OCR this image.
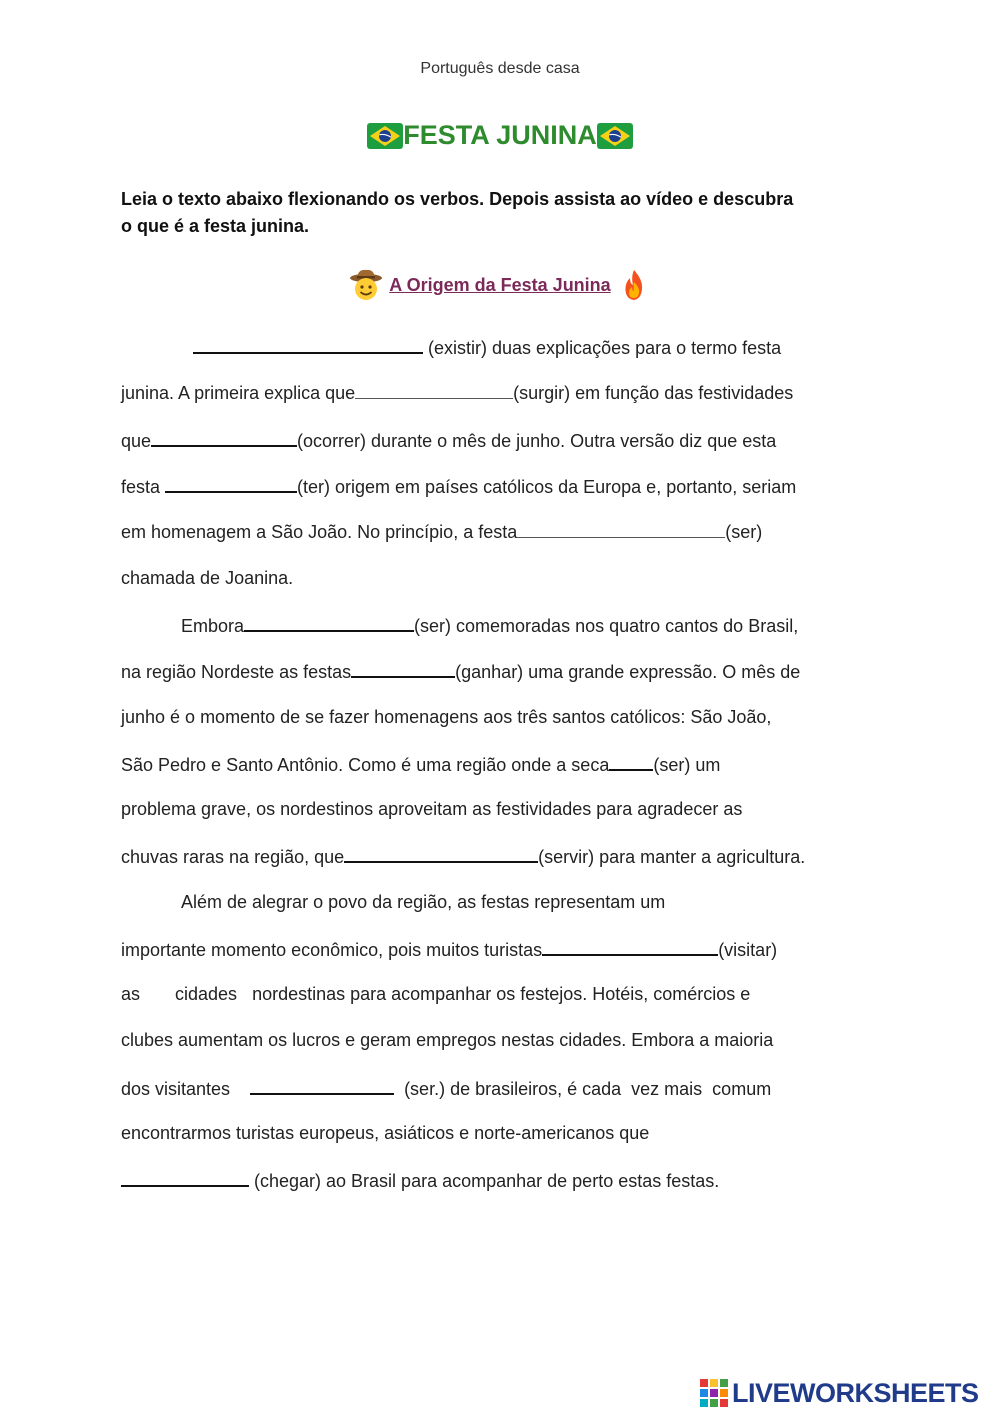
Português desde casa
FESTA JUNINA
Leia o texto abaixo flexionando os verbos. Depois assista ao vídeo e descubra
o que é a festa junina.
A Origem da Festa Junina
(existir) duas explicações para o termo festa
junina. A primeira explica que	(surgir) em função das festividades
que	(ocorrer) durante o mês de junho. Outra versão diz que esta
festa	(ter) origem em países católicos da Europa e, portanto, seriam
em homenagem a São João. No princípio, a festa	(ser)
chamada de Joanina.
Embora	(ser) comemoradas nos quatro cantos do Brasil,
na região Nordeste as festas	(ganhar) uma grande expressão. O mês de
junho é o momento de se fazer homenagens aos três santos católicos: São João,
São Pedro e Santo Antônio. Como é uma região onde a seca (ser) um
problema grave, os nordestinos aproveitam as festividades para agradecer as
chuvas raras na região, que	(servir) para manter a agricultura.
Além de alegrar o povo da região, as festas representam um
importante momento econômico, pois muitos turistas	(visitar)
as       cidades   nordestinas para acompanhar os festejos. Hotéis, comércios e
clubes aumentam os lucros e geram empregos nestas cidades. Embora a maioria
dos visitantes	(ser.) de brasileiros, é cada  vez mais  comum
encontrarmos turistas europeus, asiáticos e norte-americanos que
(chegar) ao Brasil para acompanhar de perto estas festas.
LIVEWORKSHEETS
